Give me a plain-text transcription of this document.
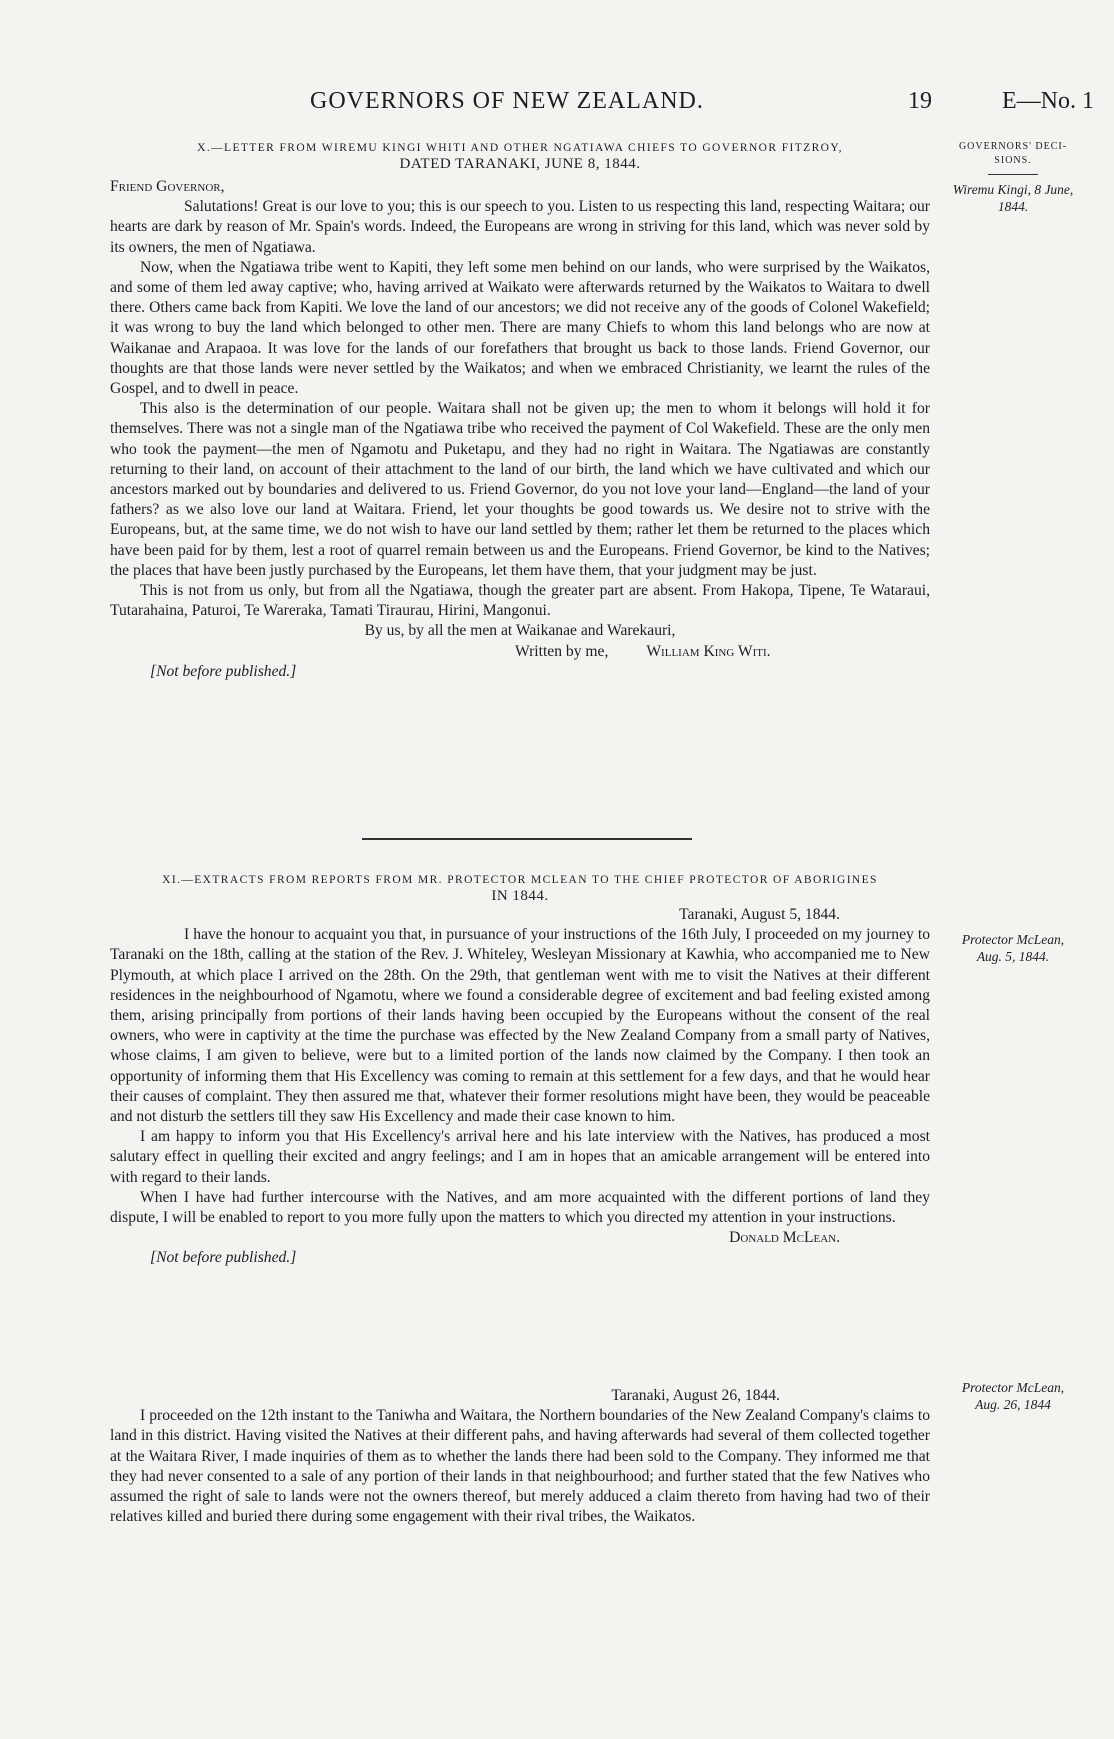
GOVERNORS OF NEW ZEALAND.	19	E—No. 1
GOVERNORS' DECI-SIONS.
Wiremu Kingi, 8 June, 1844.
Protector McLean, Aug. 5, 1844.
Protector McLean, Aug. 26, 1844

X.—LETTER FROM WIREMU KINGI WHITI AND OTHER NGATIAWA CHIEFS TO GOVERNOR FITZROY,

DATED TARANAKI, JUNE 8, 1844.

Friend Governor,

Salutations! Great is our love to you; this is our speech to you. Listen to us respecting this land, respecting Waitara; our hearts are dark by reason of Mr. Spain's words. Indeed, the Europeans are wrong in striving for this land, which was never sold by its owners, the men of Ngatiawa.

Now, when the Ngatiawa tribe went to Kapiti, they left some men behind on our lands, who were surprised by the Waikatos, and some of them led away captive; who, having arrived at Waikato were afterwards returned by the Waikatos to Waitara to dwell there. Others came back from Kapiti. We love the land of our ancestors; we did not receive any of the goods of Colonel Wakefield; it was wrong to buy the land which belonged to other men. There are many Chiefs to whom this land belongs who are now at Waikanae and Arapaoa. It was love for the lands of our forefathers that brought us back to those lands. Friend Governor, our thoughts are that those lands were never settled by the Waikatos; and when we embraced Christianity, we learnt the rules of the Gospel, and to dwell in peace.

This also is the determination of our people. Waitara shall not be given up; the men to whom it belongs will hold it for themselves. There was not a single man of the Ngatiawa tribe who received the payment of Col Wakefield. These are the only men who took the payment—the men of Ngamotu and Puketapu, and they had no right in Waitara. The Ngatiawas are constantly returning to their land, on account of their attachment to the land of our birth, the land which we have cultivated and which our ancestors marked out by boundaries and delivered to us. Friend Governor, do you not love your land—England—the land of your fathers? as we also love our land at Waitara. Friend, let your thoughts be good towards us. We desire not to strive with the Europeans, but, at the same time, we do not wish to have our land settled by them; rather let them be returned to the places which have been paid for by them, lest a root of quarrel remain between us and the Europeans. Friend Governor, be kind to the Natives; the places that have been justly purchased by the Europeans, let them have them, that your judgment may be just.

This is not from us only, but from all the Ngatiawa, though the greater part are absent. From Hakopa, Tipene, Te Wataraui, Tutarahaina, Paturoi, Te Wareraka, Tamati Tiraurau, Hirini, Mangonui.

By us, by all the men at Waikanae and Warekauri,

Written by me, William King Witi.

[Not before published.]

XI.—EXTRACTS FROM REPORTS FROM MR. PROTECTOR MCLEAN TO THE CHIEF PROTECTOR OF ABORIGINES

IN 1844.

Taranaki, August 5, 1844.

I have the honour to acquaint you that, in pursuance of your instructions of the 16th July, I proceeded on my journey to Taranaki on the 18th, calling at the station of the Rev. J. Whiteley, Wesleyan Missionary at Kawhia, who accompanied me to New Plymouth, at which place I arrived on the 28th. On the 29th, that gentleman went with me to visit the Natives at their different residences in the neighbourhood of Ngamotu, where we found a considerable degree of excitement and bad feeling existed among them, arising principally from portions of their lands having been occupied by the Europeans without the consent of the real owners, who were in captivity at the time the purchase was effected by the New Zealand Company from a small party of Natives, whose claims, I am given to believe, were but to a limited portion of the lands now claimed by the Company. I then took an opportunity of informing them that His Excellency was coming to remain at this settlement for a few days, and that he would hear their causes of complaint. They then assured me that, whatever their former resolutions might have been, they would be peaceable and not disturb the settlers till they saw His Excellency and made their case known to him.

I am happy to inform you that His Excellency's arrival here and his late interview with the Natives, has produced a most salutary effect in quelling their excited and angry feelings; and I am in hopes that an amicable arrangement will be entered into with regard to their lands.

When I have had further intercourse with the Natives, and am more acquainted with the different portions of land they dispute, I will be enabled to report to you more fully upon the matters to which you directed my attention in your instructions.

Donald McLean.

[Not before published.]

Taranaki, August 26, 1844.

I proceeded on the 12th instant to the Taniwha and Waitara, the Northern boundaries of the New Zealand Company's claims to land in this district. Having visited the Natives at their different pahs, and having afterwards had several of them collected together at the Waitara River, I made inquiries of them as to whether the lands there had been sold to the Company. They informed me that they had never consented to a sale of any portion of their lands in that neighbourhood; and further stated that the few Natives who assumed the right of sale to lands were not the owners thereof, but merely adduced a claim thereto from having had two of their relatives killed and buried there during some engagement with their rival tribes, the Waikatos.
